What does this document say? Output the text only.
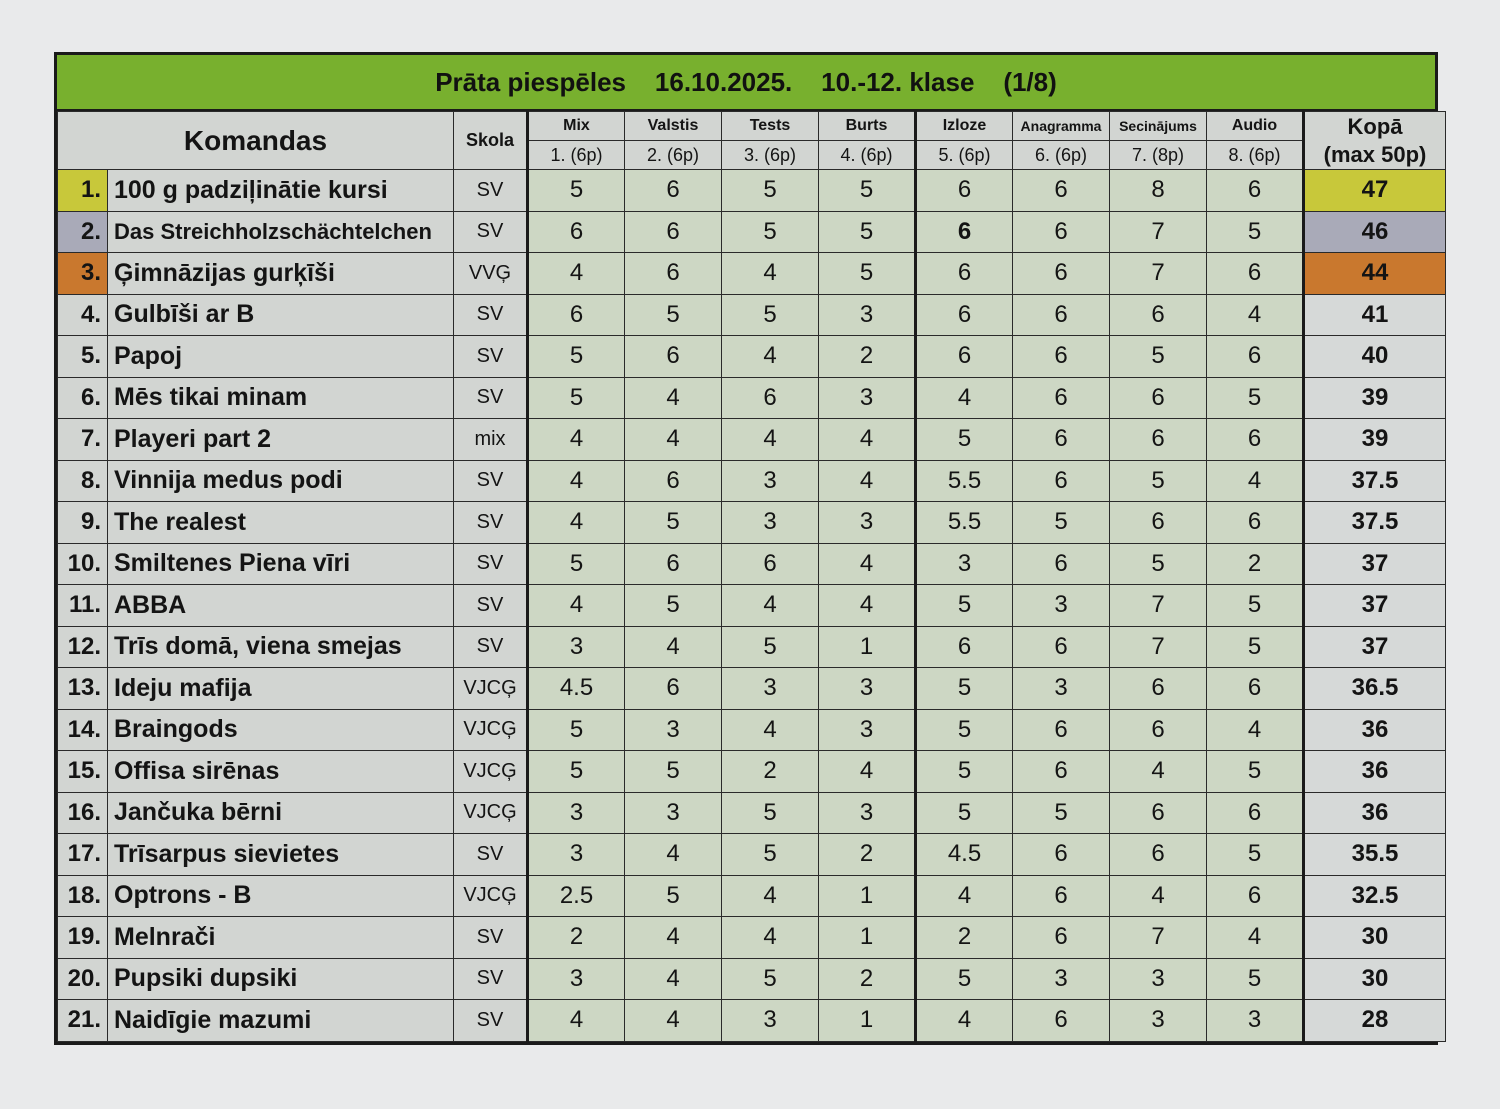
Prāta piespēles
16.10.2025.
10.-12. klase
(1/8)
Komandas		Skola	Mix	Valstis	Tests	Burts	Izloze	Anagramma	Secinājums	Audio	Kopā
(max 50p)

			1. (6p)	2. (6p)	3. (6p)	4. (6p)	5. (6p)	6. (6p)	7. (8p)	8. (6p)	
1.	100 g padziļinātie kursi	SV	5	6	5	5	6	6	8	6	47
2.	Das Streichholzschächtelchen	SV	6	6	5	5	6	6	7	5	46
3.	Ģimnāzijas gurķīši	VVĢ	4	6	4	5	6	6	7	6	44
4.	Gulbīši ar B	SV	6	5	5	3	6	6	6	4	41
5.	Papoj	SV	5	6	4	2	6	6	5	6	40
6.	Mēs tikai minam	SV	5	4	6	3	4	6	6	5	39
7.	Playeri part 2	mix	4	4	4	4	5	6	6	6	39
8.	Vinnija medus podi	SV	4	6	3	4	5.5	6	5	4	37.5
9.	The realest	SV	4	5	3	3	5.5	5	6	6	37.5
10.	Smiltenes Piena vīri	SV	5	6	6	4	3	6	5	2	37
11.	ABBA	SV	4	5	4	4	5	3	7	5	37
12.	Trīs domā, viena smejas	SV	3	4	5	1	6	6	7	5	37
13.	Ideju mafija	VJCĢ	4.5	6	3	3	5	3	6	6	36.5
14.	Braingods	VJCĢ	5	3	4	3	5	6	6	4	36
15.	Offisa sirēnas	VJCĢ	5	5	2	4	5	6	4	5	36
16.	Jančuka bērni	VJCĢ	3	3	5	3	5	5	6	6	36
17.	Trīsarpus sievietes	SV	3	4	5	2	4.5	6	6	5	35.5
18.	Optrons - B	VJCĢ	2.5	5	4	1	4	6	4	6	32.5
19.	Melnrači	SV	2	4	4	1	2	6	7	4	30
20.	Pupsiki dupsiki	SV	3	4	5	2	5	3	3	5	30
21.	Naidīgie mazumi	SV	4	4	3	1	4	6	3	3	28
